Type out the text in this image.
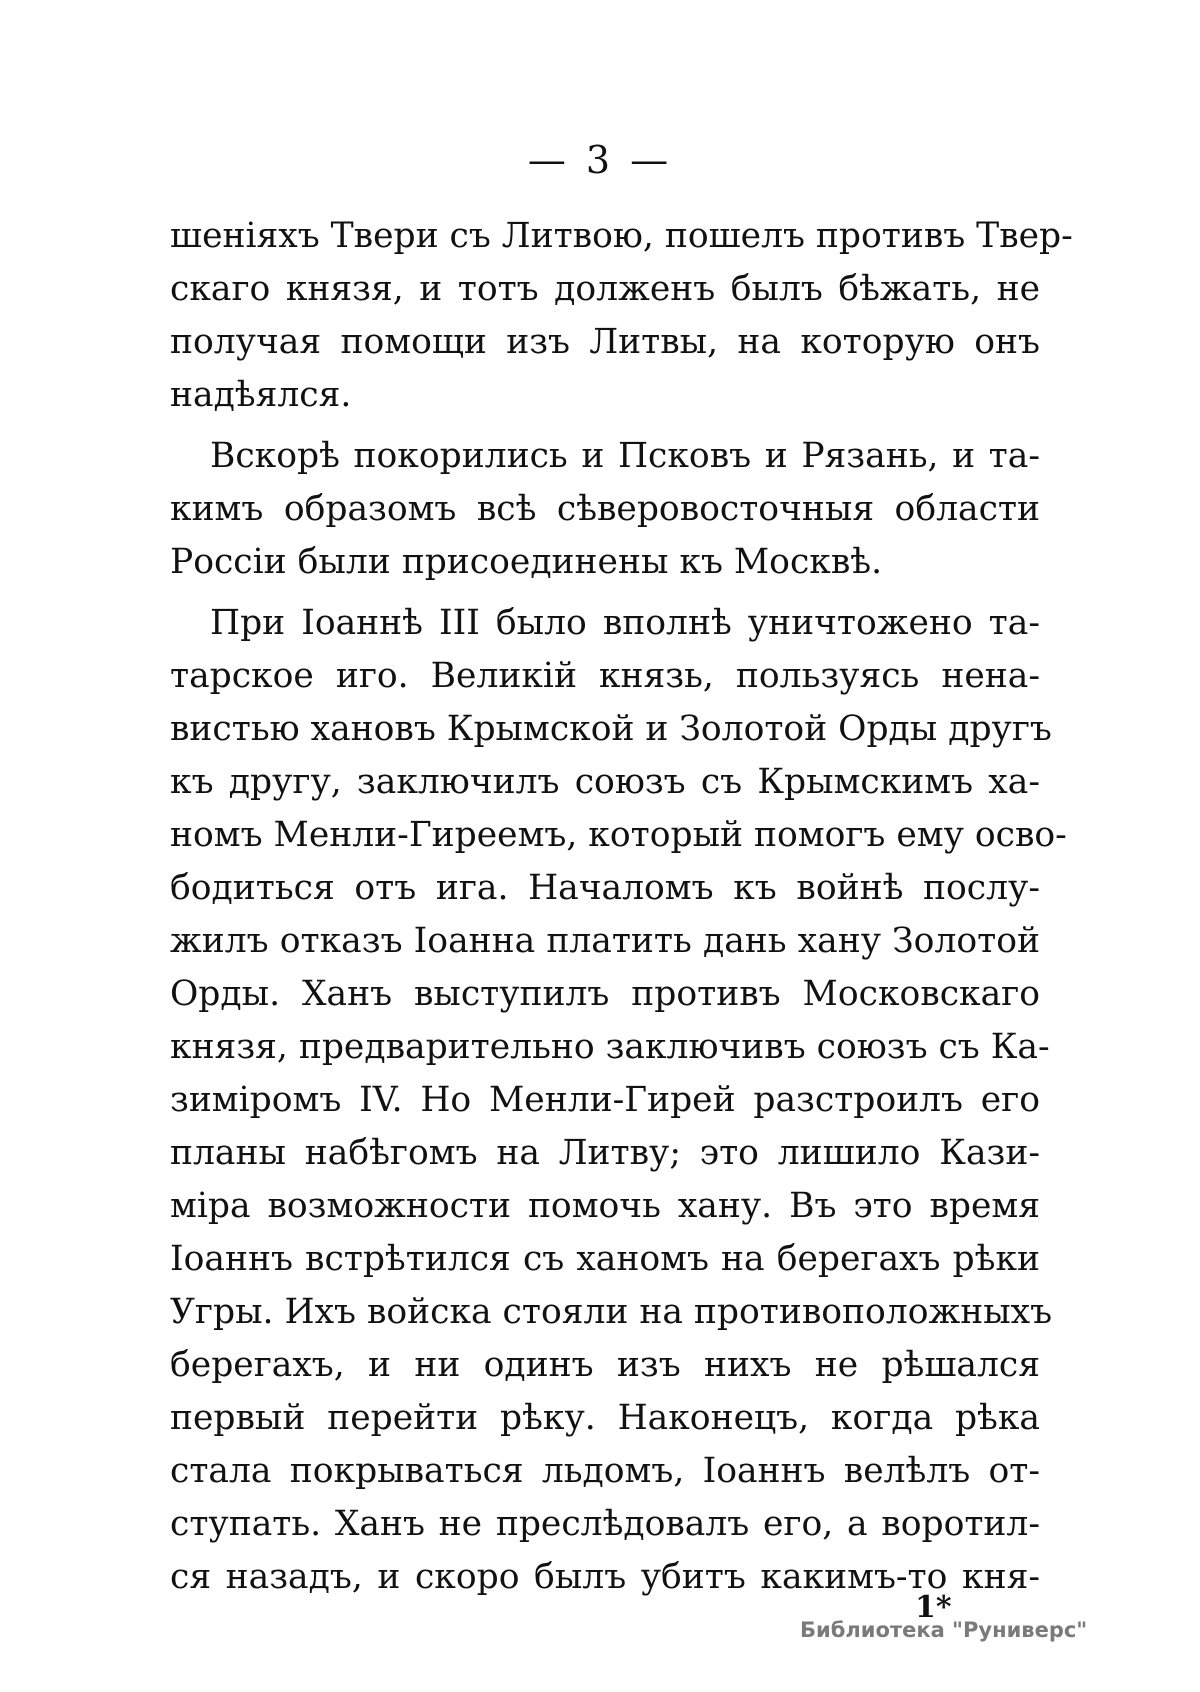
— 3 —

шеніяхъ Твери съ Литвою, пошелъ противъ Твер-
скаго князя, и тотъ долженъ былъ бѣжать, не
получая помощи изъ Литвы, на которую онъ
надѣялся.

Вскорѣ покорились и Псковъ и Рязань, и та-
кимъ образомъ всѣ сѣверовосточныя области
Россіи были присоединены къ Москвѣ.

При Іоаннѣ III было вполнѣ уничтожено та-
тарское иго. Великій князь, пользуясь нена-
вистью хановъ Крымской и Золотой Орды другъ
къ другу, заключилъ союзъ съ Крымскимъ ха-
номъ Менли-Гиреемъ, который помогъ ему осво-
бодиться отъ ига. Началомъ къ войнѣ послу-
жилъ отказъ Іоанна платить дань хану Золотой
Орды. Ханъ выступилъ противъ Московскаго
князя, предварительно заключивъ союзъ съ Ка-
зиміромъ IV. Но Менли-Гирей разстроилъ его
планы набѣгомъ на Литву; это лишило Кази-
міра возможности помочь хану. Въ это время
Іоаннъ встрѣтился съ ханомъ на берегахъ рѣки
Угры. Ихъ войска стояли на противоположныхъ
берегахъ, и ни одинъ изъ нихъ не рѣшался
первый перейти рѣку. Наконецъ, когда рѣка
стала покрываться льдомъ, Іоаннъ велѣлъ от-
ступать. Ханъ не преслѣдовалъ его, а воротил-
ся назадъ, и скоро былъ убитъ какимъ-то кня-

1*
Библиотека "Руниверс"
